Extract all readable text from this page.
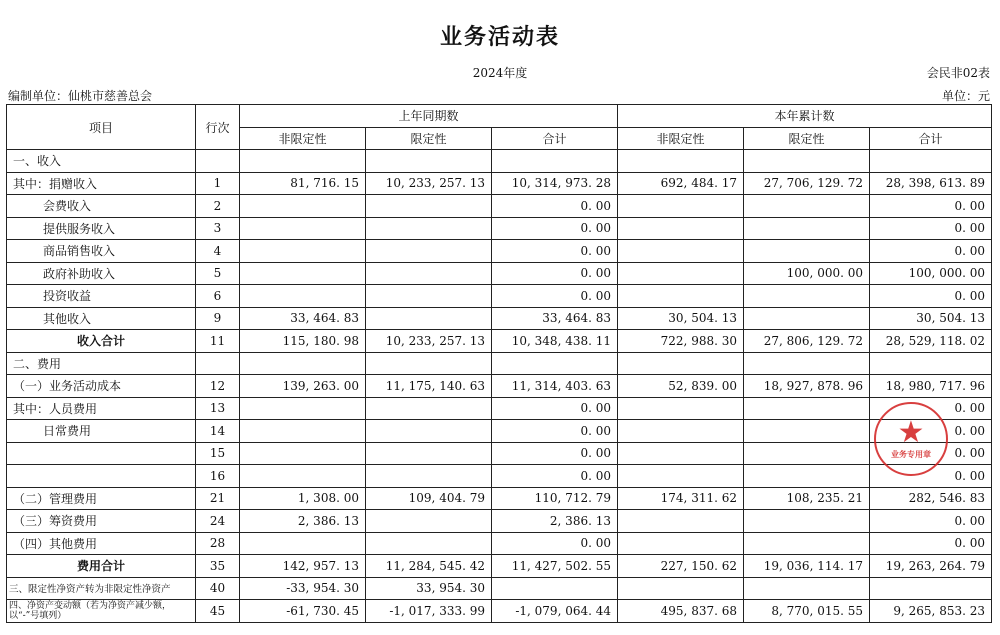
业务活动表
2024年度	会民非02表
编制单位：仙桃市慈善总会	单位：元
项目	行次	上年同期数			本年累计数		
		非限定性	限定性	合计	非限定性	限定性	合计
一、收入							
其中：捐赠收入	1	81, 716. 15	10, 233, 257. 13	10, 314, 973. 28	692, 484. 17	27, 706, 129. 72	28, 398, 613. 89
会费收入	2			0. 00			0. 00
提供服务收入	3			0. 00			0. 00
商品销售收入	4			0. 00			0. 00
政府补助收入	5			0. 00		100, 000. 00	100, 000. 00
投资收益	6			0. 00			0. 00
其他收入	9	33, 464. 83		33, 464. 83	30, 504. 13		30, 504. 13
收入合计	11	115, 180. 98	10, 233, 257. 13	10, 348, 438. 11	722, 988. 30	27, 806, 129. 72	28, 529, 118. 02
二、费用							
（一）业务活动成本	12	139, 263. 00	11, 175, 140. 63	11, 314, 403. 63	52, 839. 00	18, 927, 878. 96	18, 980, 717. 96
其中：人员费用	13			0. 00			0. 00
日常费用	14			0. 00			0. 00
	15			0. 00			0. 00
	16			0. 00			0. 00
（二）管理费用	21	1, 308. 00	109, 404. 79	110, 712. 79	174, 311. 62	108, 235. 21	282, 546. 83
（三）筹资费用	24	2, 386. 13		2, 386. 13			0. 00
（四）其他费用	28			0. 00			0. 00
费用合计	35	142, 957. 13	11, 284, 545. 42	11, 427, 502. 55	227, 150. 62	19, 036, 114. 17	19, 263, 264. 79
三、限定性净资产转为非限定性净资产	40	-33, 954. 30	33, 954. 30				
四、净资产变动额（若为净资产减少额，以“-”号填列）	45	-61, 730. 45	-1, 017, 333. 99	-1, 079, 064. 44	495, 837. 68	8, 770, 015. 55	9, 265, 853. 23
★
业务专用章
